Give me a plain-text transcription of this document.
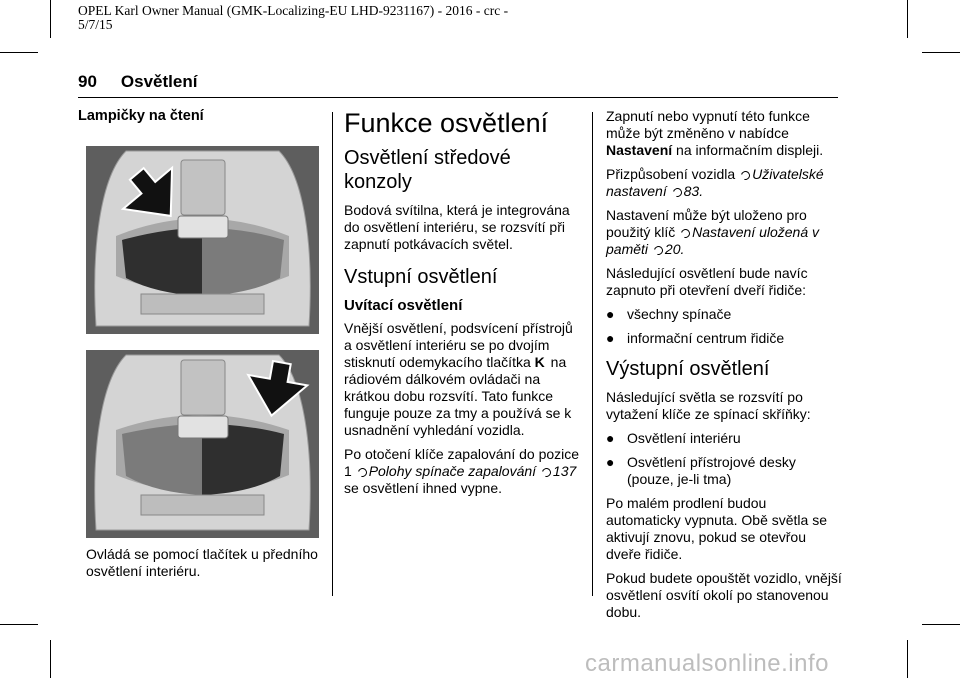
OPEL Karl Owner Manual (GMK-Localizing-EU LHD-9231167) - 2016 - crc -
5/7/15
90 Osvětlení
Lampičky na čtení

Ovládá se pomocí tlačítek u předního osvětlení interiéru.

Funkce osvětlení
Osvětlení středové konzoly

Bodová svítilna, která je integrována do osvětlení interiéru, se rozsvítí při zapnutí potkávacích světel.

Vstupní osvětlení
Uvítací osvětlení

Vnější osvětlení, podsvícení přístrojů a osvětlení interiéru se po dvojím stisknutí odemykacího tlačítka K na rádiovém dálkovém ovládači na krátkou dobu rozsvítí. Tato funkce funguje pouze za tmy a používá se k usnadnění vyhledání vozidla.

Po otočení klíče zapalování do pozice 1 Polohy spínače zapalování 137 se osvětlení ihned vypne.

Zapnutí nebo vypnutí této funkce může být změněno v nabídce Nastavení na informačním displeji.

Přizpůsobení vozidla Uživatelské nastavení 83.

Nastavení může být uloženo pro použitý klíč Nastavení uložená v paměti 20.

Následující osvětlení bude navíc zapnuto při otevření dveří řidiče:

● všechny spínače
● informační centrum řidiče
Výstupní osvětlení

Následující světla se rozsvítí po vytažení klíče ze spínací skříňky:

● Osvětlení interiéru
● Osvětlení přístrojové desky (pouze, je-li tma)

Po malém prodlení budou automaticky vypnuta. Obě světla se aktivují znovu, pokud se otevřou dveře řidiče.

Pokud budete opouštět vozidlo, vnější osvětlení osvítí okolí po stanovenou dobu.

carmanualsonline.info
